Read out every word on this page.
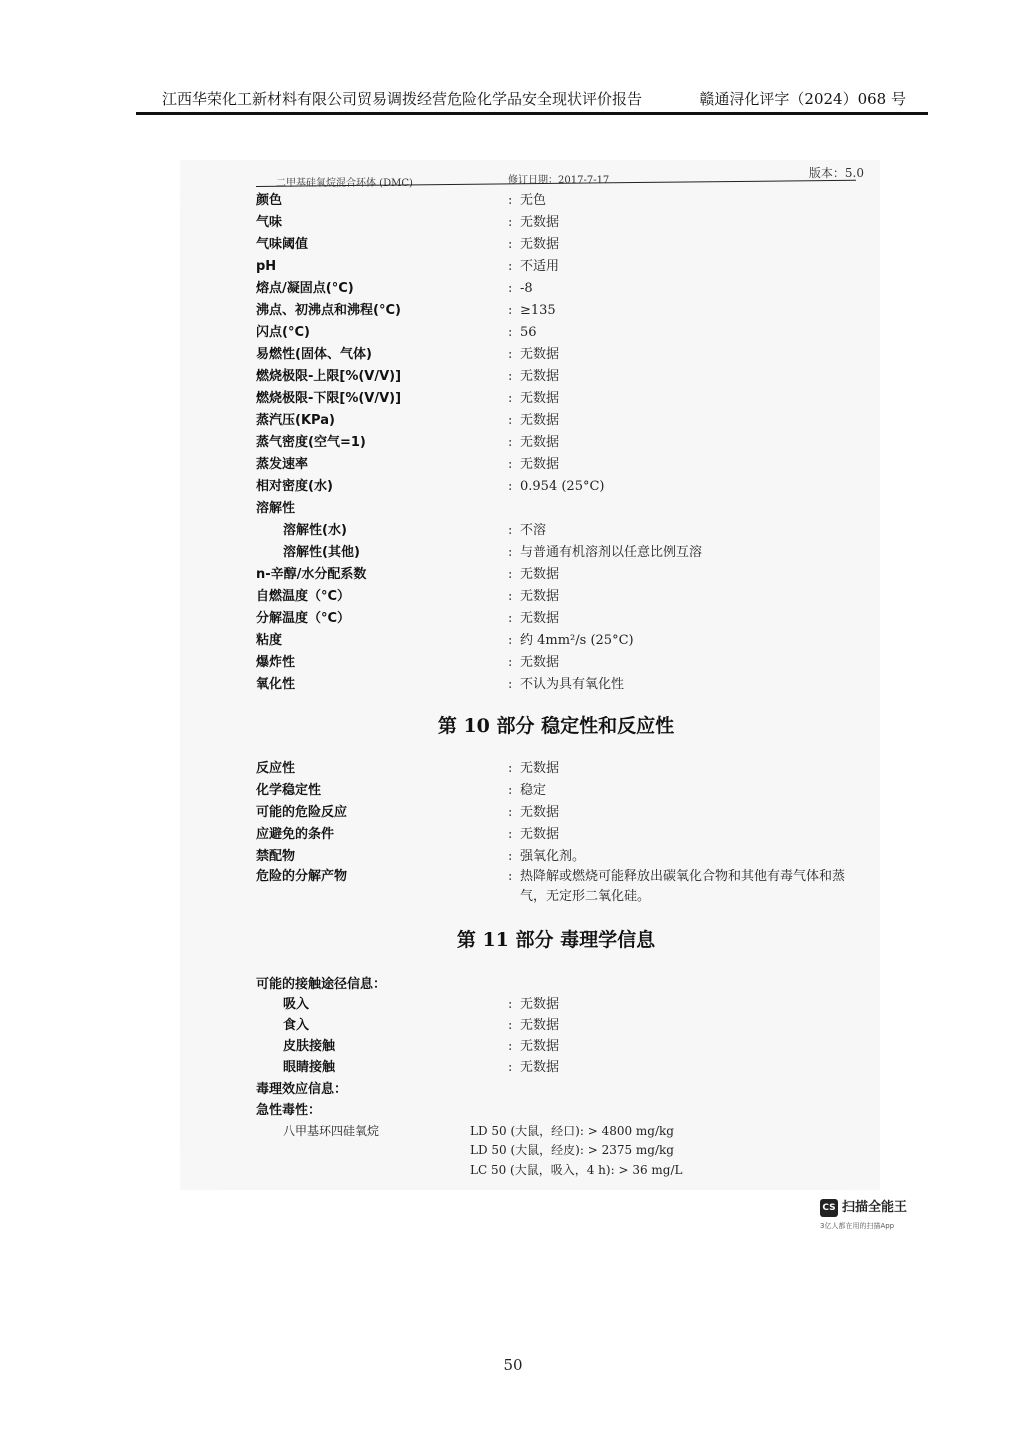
江西华荣化工新材料有限公司贸易调拨经营危险化学品安全现状评价报告	赣通浔化评字（2024）068 号
二甲基硅氧烷混合环体 (DMC)	修订日期：2017-7-17
版本：5.0
颜色	: 无色
气味	: 无数据
气味阈值	: 无数据
pH	: 不适用
熔点/凝固点(°C)	: -8
沸点、初沸点和沸程(°C)	: ≥135
闪点(°C)	: 56
易燃性(固体、气体)	: 无数据
燃烧极限-上限[%(V/V)]	: 无数据
燃烧极限-下限[%(V/V)]	: 无数据
蒸汽压(KPa)	: 无数据
蒸气密度(空气=1)	: 无数据
蒸发速率	: 无数据
相对密度(水)	: 0.954 (25°C)
溶解性
溶解性(水)	: 不溶
溶解性(其他)	: 与普通有机溶剂以任意比例互溶
n-辛醇/水分配系数	: 无数据
自燃温度（°C）	: 无数据
分解温度（°C）	: 无数据
粘度	: 约 4mm²/s (25°C)
爆炸性	: 无数据
氧化性	: 不认为具有氧化性
第 10 部分 稳定性和反应性
反应性	: 无数据
化学稳定性	: 稳定
可能的危险反应	: 无数据
应避免的条件	: 无数据
禁配物	: 强氧化剂。
危险的分解产物	: 热降解或燃烧可能释放出碳氧化合物和其他有毒气体和蒸
气，无定形二氧化硅。
第 11 部分 毒理学信息
可能的接触途径信息：
吸入	: 无数据
食入	: 无数据
皮肤接触	: 无数据
眼睛接触	: 无数据
毒理效应信息：
急性毒性：
八甲基环四硅氧烷	LD 50 (大鼠，经口): > 4800 mg/kg
LD 50 (大鼠，经皮): > 2375 mg/kg
LC 50 (大鼠，吸入，4 h): > 36 mg/L
CS 扫描全能王
3亿人都在用的扫描App
50
